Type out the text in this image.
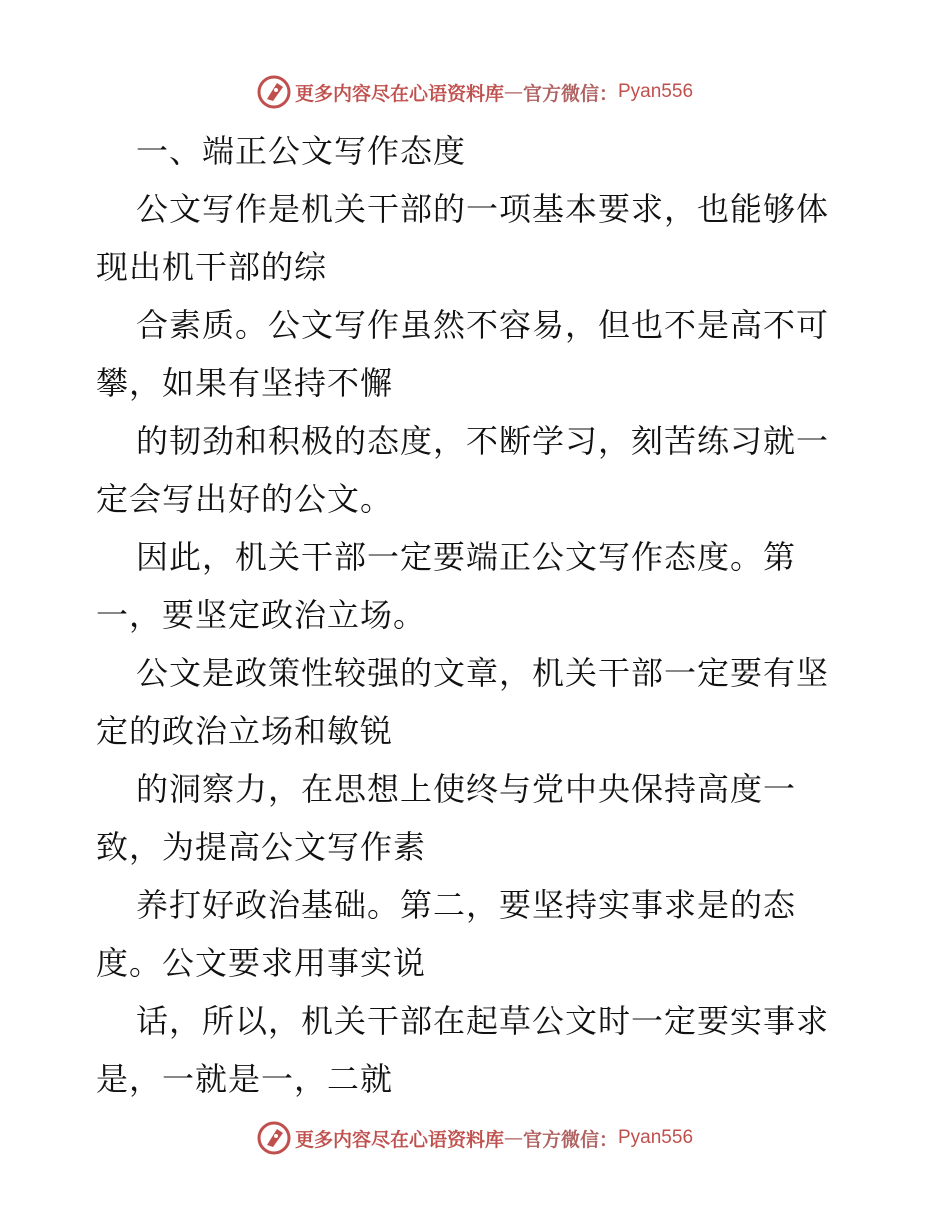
更多内容尽在心语资料库 — 官方微信： Pyan556
一、端正公文写作态度
公文写作是机关干部的一项基本要求，也能够体
现出机干部的综
合素质。公文写作虽然不容易，但也不是高不可
攀，如果有坚持不懈
的韧劲和积极的态度，不断学习，刻苦练习就一
定会写出好的公文。
因此，机关干部一定要端正公文写作态度。第
一，要坚定政治立场。
公文是政策性较强的文章，机关干部一定要有坚
定的政治立场和敏锐
的洞察力，在思想上使终与党中央保持高度一
致，为提高公文写作素
养打好政治基础。第二，要坚持实事求是的态
度。公文要求用事实说
话，所以，机关干部在起草公文时一定要实事求
是，一就是一，二就
更多内容尽在心语资料库 — 官方微信： Pyan556
